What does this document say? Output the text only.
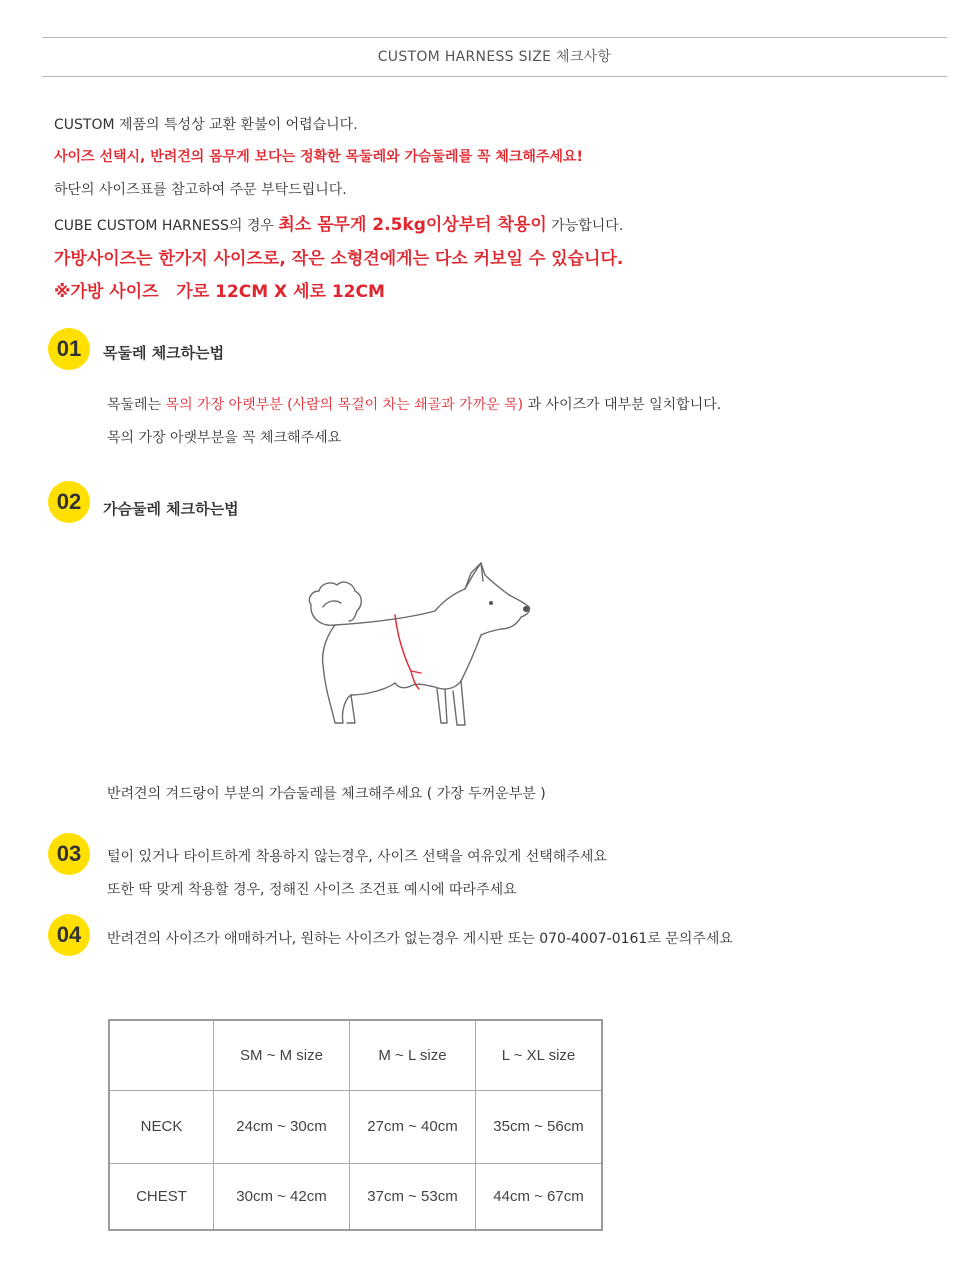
CUSTOM HARNESS SIZE 체크사항
CUSTOM 제품의 특성상 교환 환불이 어렵습니다.
사이즈 선택시, 반려견의 몸무게 보다는 정확한 목둘레와 가슴둘레를 꼭 체크해주세요!
하단의 사이즈표를 참고하여 주문 부탁드립니다.
CUBE CUSTOM HARNESS의 경우 최소 몸무게 2.5kg이상부터 착용이 가능합니다.
가방사이즈는 한가지 사이즈로, 작은 소형견에게는 다소 커보일 수 있습니다.
※가방 사이즈   가로 12CM X 세로 12CM
01	목둘레 체크하는법
목둘레는 목의 가장 아랫부분 (사람의 목걸이 차는 쇄골과 가까운 목) 과 사이즈가 대부분 일치합니다.
목의 가장 아랫부분을 꼭 체크해주세요
02	가슴둘레 체크하는법
반려견의 겨드랑이 부분의 가슴둘레를 체크해주세요 ( 가장 두꺼운부분 )
03	털이 있거나 타이트하게 착용하지 않는경우, 사이즈 선택을 여유있게 선택해주세요
또한 딱 맞게 착용할 경우, 정해진 사이즈 조건표 예시에 따라주세요
04	반려견의 사이즈가 애매하거나, 원하는 사이즈가 없는경우 게시판 또는 070-4007-0161로 문의주세요
	SM ~ M size	M ~ L size	L ~ XL size
NECK	24cm ~ 30cm	27cm ~ 40cm	35cm ~ 56cm
CHEST	30cm ~ 42cm	37cm ~ 53cm	44cm ~ 67cm
